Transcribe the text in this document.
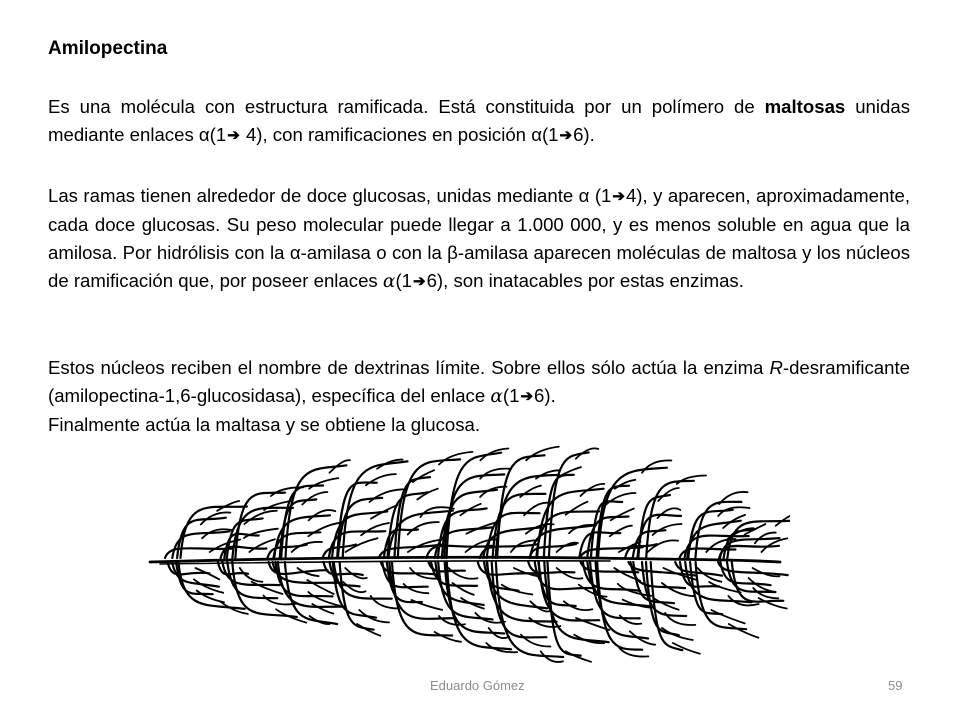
Amilopectina
Es una molécula con estructura ramificada. Está constituida por un polímero de maltosas unidas mediante enlaces α(1➔ 4), con ramificaciones en posición α(1➔6).
Las ramas tienen alrededor de doce glucosas, unidas mediante α (1➔4), y aparecen, aproximadamente, cada doce glucosas. Su peso molecular puede llegar a 1.000 000, y es menos soluble en agua que la amilosa. Por hidrólisis con la α-amilasa o con la β-amilasa aparecen moléculas de maltosa y los núcleos de ramificación que, por poseer enlaces α(1➔6), son inatacables por estas enzimas.
Estos núcleos reciben el nombre de dextrinas límite. Sobre ellos sólo actúa la enzima R-desramificante (amilopectina-1,6-glucosidasa), específica del enlace α(1➔6).
Finalmente actúa la maltasa y se obtiene la glucosa.
Eduardo Gómez	59
